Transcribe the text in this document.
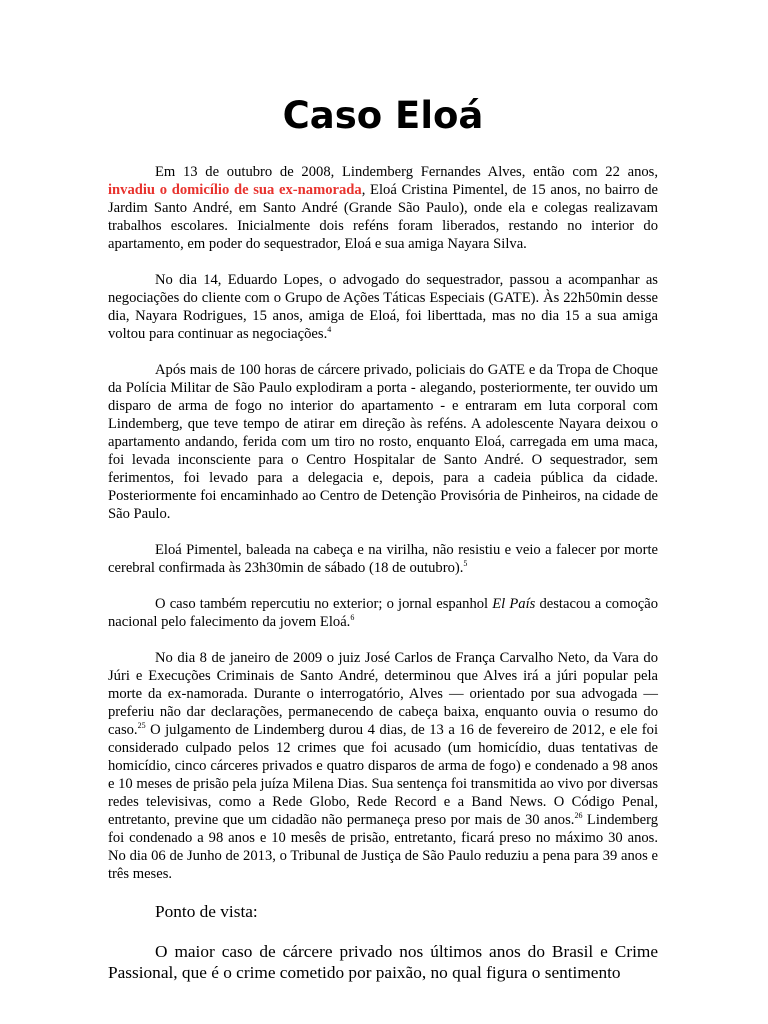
Caso Eloá

Em 13 de outubro de 2008, Lindemberg Fernandes Alves, então com 22 anos, invadiu o domicílio de sua ex-namorada, Eloá Cristina Pimentel, de 15 anos, no bairro de Jardim Santo André, em Santo André (Grande São Paulo), onde ela e colegas realizavam trabalhos escolares. Inicialmente dois reféns foram liberados, restando no interior do apartamento, em poder do sequestrador, Eloá e sua amiga Nayara Silva.

No dia 14, Eduardo Lopes, o advogado do sequestrador, passou a acompanhar as negociações do cliente com o Grupo de Ações Táticas Especiais (GATE). Às 22h50min desse dia, Nayara Rodrigues, 15 anos, amiga de Eloá, foi liberttada, mas no dia 15 a sua amiga voltou para continuar as negociações.$^4$

Após mais de 100 horas de cárcere privado, policiais do GATE e da Tropa de Choque da Polícia Militar de São Paulo explodiram a porta - alegando, posteriormente, ter ouvido um disparo de arma de fogo no interior do apartamento - e entraram em luta corporal com Lindemberg, que teve tempo de atirar em direção às reféns. A adolescente Nayara deixou o apartamento andando, ferida com um tiro no rosto, enquanto Eloá, carregada em uma maca, foi levada inconsciente para o Centro Hospitalar de Santo André. O sequestrador, sem ferimentos, foi levado para a delegacia e, depois, para a cadeia pública da cidade. Posteriormente foi encaminhado ao Centro de Detenção Provisória de Pinheiros, na cidade de São Paulo.

Eloá Pimentel, baleada na cabeça e na virilha, não resistiu e veio a falecer por morte cerebral confirmada às 23h30min de sábado (18 de outubro).$^5$

O caso também repercutiu no exterior; o jornal espanhol El País destacou a comoção nacional pelo falecimento da jovem Eloá.$^6$

No dia 8 de janeiro de 2009 o juiz José Carlos de França Carvalho Neto, da Vara do Júri e Execuções Criminais de Santo André, determinou que Alves irá a júri popular pela morte da ex-namorada. Durante o interrogatório, Alves — orientado por sua advogada — preferiu não dar declarações, permanecendo de cabeça baixa, enquanto ouvia o resumo do caso.$^{25}$ O julgamento de Lindemberg durou 4 dias, de 13 a 16 de fevereiro de 2012, e ele foi considerado culpado pelos 12 crimes que foi acusado (um homicídio, duas tentativas de homicídio, cinco cárceres privados e quatro disparos de arma de fogo) e condenado a 98 anos e 10 meses de prisão pela juíza Milena Dias. Sua sentença foi transmitida ao vivo por diversas redes televisivas, como a Rede Globo, Rede Record e a Band News. O Código Penal, entretanto, previne que um cidadão não permaneça preso por mais de 30 anos.$^{26}$ Lindemberg foi condenado a 98 anos e 10 mesês de prisão, entretanto, ficará preso no máximo 30 anos. No dia 06 de Junho de 2013, o Tribunal de Justiça de São Paulo reduziu a pena para 39 anos e três meses.

Ponto de vista:

O maior caso de cárcere privado nos últimos anos do Brasil e Crime Passional, que é o crime cometido por paixão, no qual figura o sentimento
